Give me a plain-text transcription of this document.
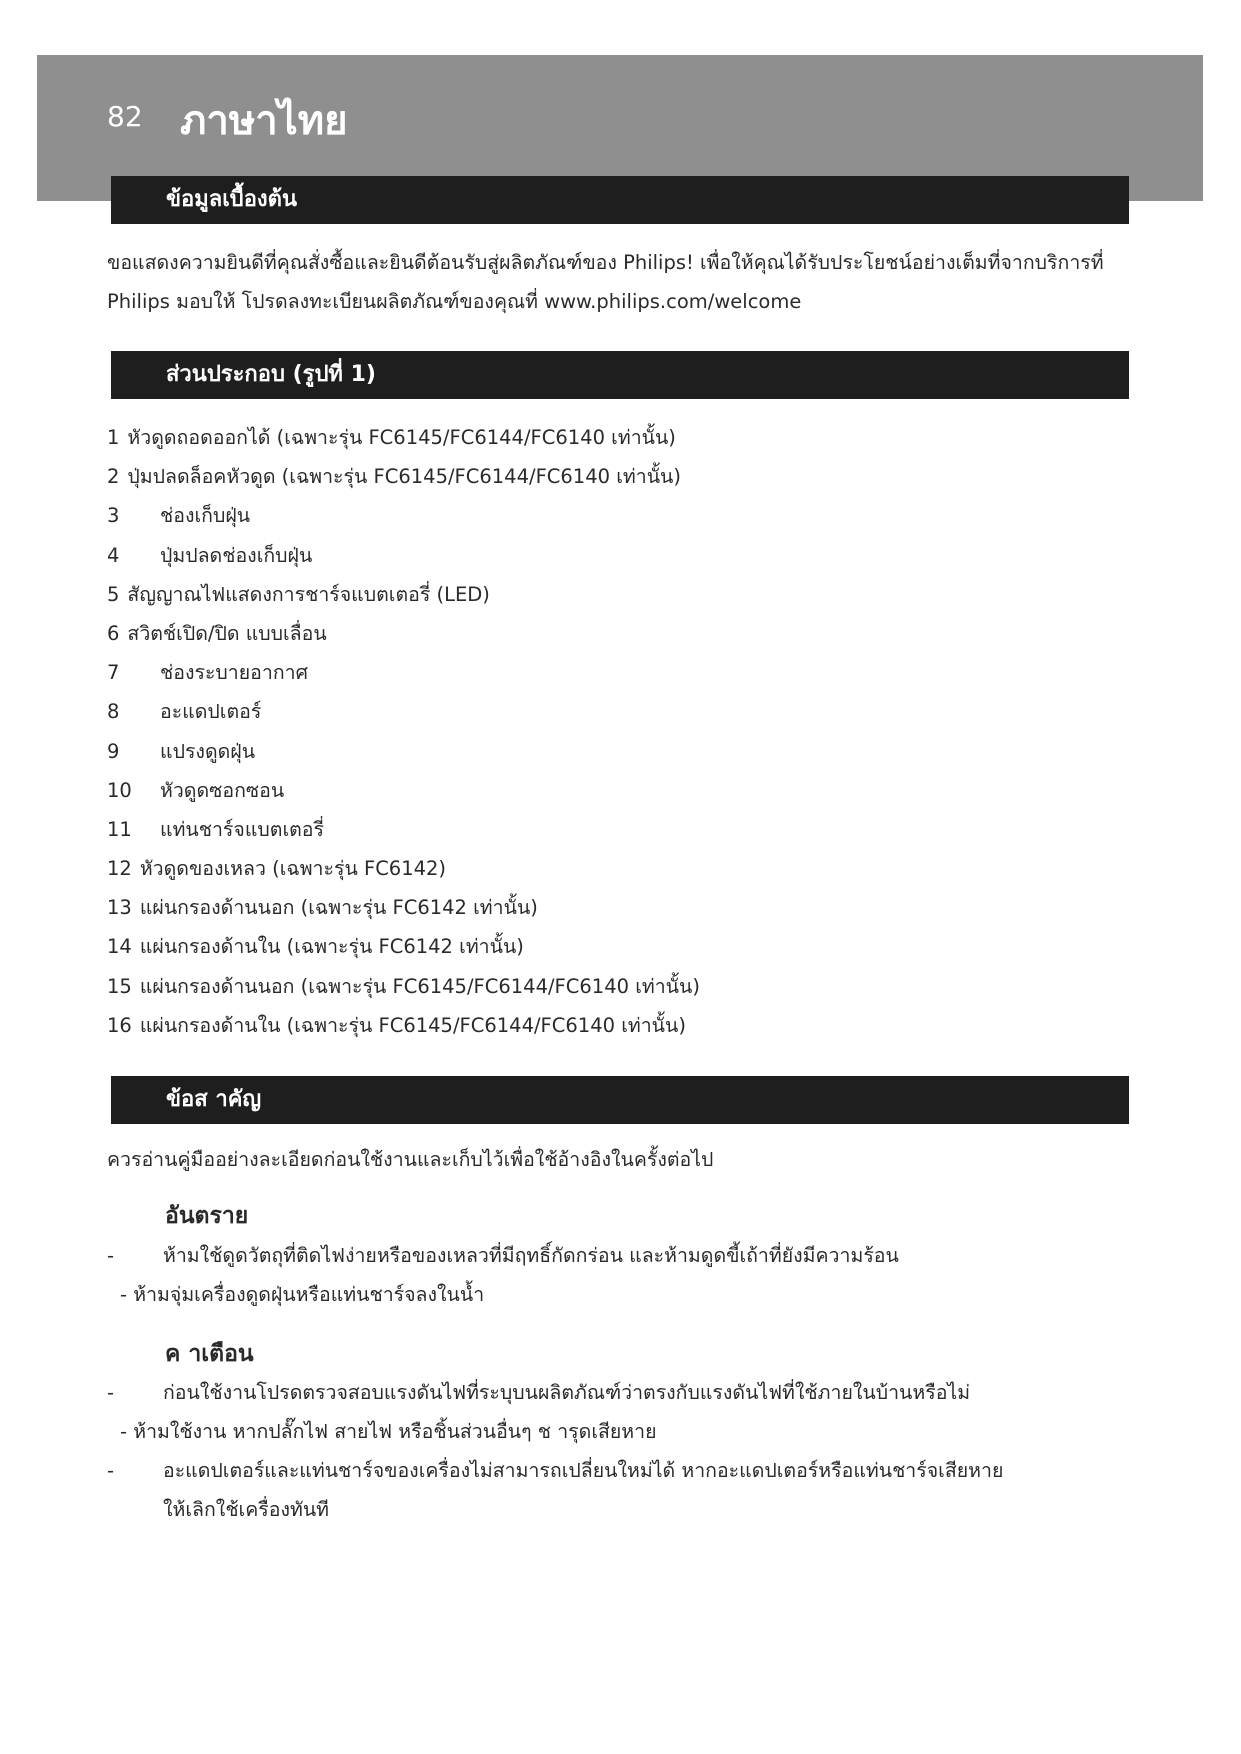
82 ภาษาไทย
ข้อมูลเบื้องต้น
ขอแสดงความยินดีที่คุณสั่งซื้อและยินดีต้อนรับสู่ผลิตภัณฑ์ของ Philips! เพื่อให้คุณได้รับประโยชน์อย่างเต็มที่จากบริการที่
Philips มอบให้ โปรดลงทะเบียนผลิตภัณฑ์ของคุณที่ www.philips.com/welcome
ส่วนประกอบ (รูปที่ 1)
1 หัวดูดถอดออกได้ (เฉพาะรุ่น FC6145/FC6144/FC6140 เท่านั้น)
2 ปุ่มปลดล็อคหัวดูด (เฉพาะรุ่น FC6145/FC6144/FC6140 เท่านั้น)
3 ช่องเก็บฝุ่น
4 ปุ่มปลดช่องเก็บฝุ่น
5 สัญญาณไฟแสดงการชาร์จแบตเตอรี่ (LED)
6 สวิตช์เปิด/ปิด แบบเลื่อน
7 ช่องระบายอากาศ
8 อะแดปเตอร์
9 แปรงดูดฝุ่น
10 หัวดูดซอกซอน
11 แท่นชาร์จแบตเตอรี่
12 หัวดูดของเหลว (เฉพาะรุ่น FC6142)
13 แผ่นกรองด้านนอก (เฉพาะรุ่น FC6142 เท่านั้น)
14 แผ่นกรองด้านใน (เฉพาะรุ่น FC6142 เท่านั้น)
15 แผ่นกรองด้านนอก (เฉพาะรุ่น FC6145/FC6144/FC6140 เท่านั้น)
16 แผ่นกรองด้านใน (เฉพาะรุ่น FC6145/FC6144/FC6140 เท่านั้น)
ข้อส าคัญ
ควรอ่านคู่มืออย่างละเอียดก่อนใช้งานและเก็บไว้เพื่อใช้อ้างอิงในครั้งต่อไป
อันตราย
-	ห้ามใช้ดูดวัตถุที่ติดไฟง่ายหรือของเหลวที่มีฤทธิ์กัดกร่อน และห้ามดูดขี้เถ้าที่ยังมีความร้อน
- ห้ามจุ่มเครื่องดูดฝุ่นหรือแท่นชาร์จลงในน้ำ
ค าเตือน
-	ก่อนใช้งานโปรดตรวจสอบแรงดันไฟที่ระบุบนผลิตภัณฑ์ว่าตรงกับแรงดันไฟที่ใช้ภายในบ้านหรือไม่
- ห้ามใช้งาน หากปลั๊กไฟ สายไฟ หรือชิ้นส่วนอื่นๆ ช ารุดเสียหาย
-	อะแดปเตอร์และแท่นชาร์จของเครื่องไม่สามารถเปลี่ยนใหม่ได้ หากอะแดปเตอร์หรือแท่นชาร์จเสียหาย
ให้เลิกใช้เครื่องทันที
